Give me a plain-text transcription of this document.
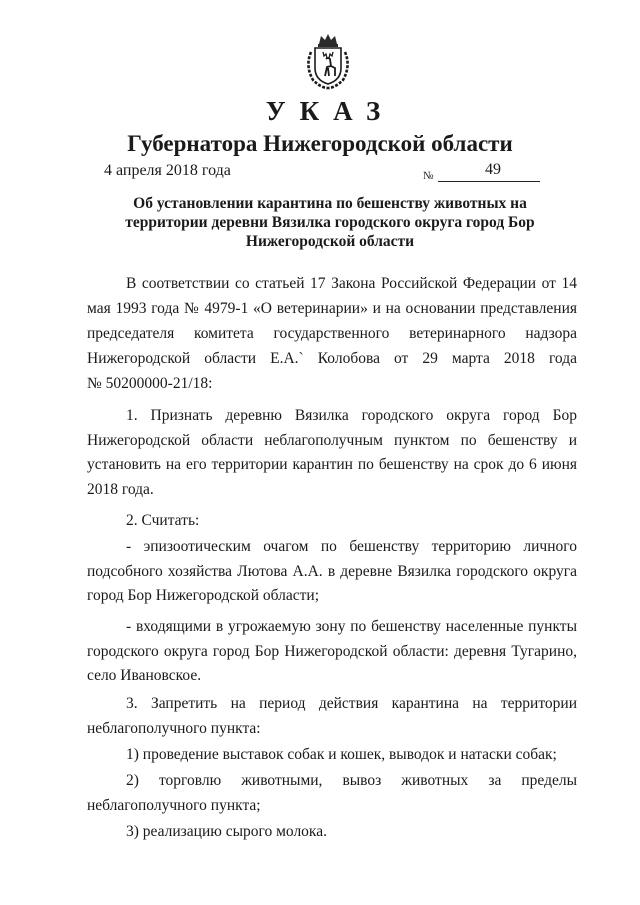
УКАЗ
Губернатора Нижегородской области
4 апреля 2018 года	№	49
Об установлении карантина по бешенству животных на территории деревни Вязилка городского округа город Бор Нижегородской области
В соответствии со статьей 17 Закона Российской Федерации от 14
мая 1993 года № 4979-1 «О ветеринарии» и на основании представления
председателя комитета государственного ветеринарного надзора
Нижегородской области Е.А.` Колобова от 29 марта 2018 года
№ 50200000-21/18:
1. Признать деревню Вязилка городского округа город Бор Нижегородской области неблагополучным пунктом по бешенству и установить на его территории карантин по бешенству на срок до 6 июня 2018 года.
2. Считать:
- эпизоотическим очагом по бешенству территорию личного подсобного хозяйства Лютова А.А. в деревне Вязилка городского округа город Бор Нижегородской области;
- входящими в угрожаемую зону по бешенству населенные пункты городского округа город Бор Нижегородской области: деревня Тугарино, село Ивановское.
3. Запретить на период действия карантина на территории неблагополучного пункта:
1) проведение выставок собак и кошек, выводок и натаски собак;
2) торговлю животными, вывоз животных за пределы неблагополучного пункта;
3) реализацию сырого молока.
